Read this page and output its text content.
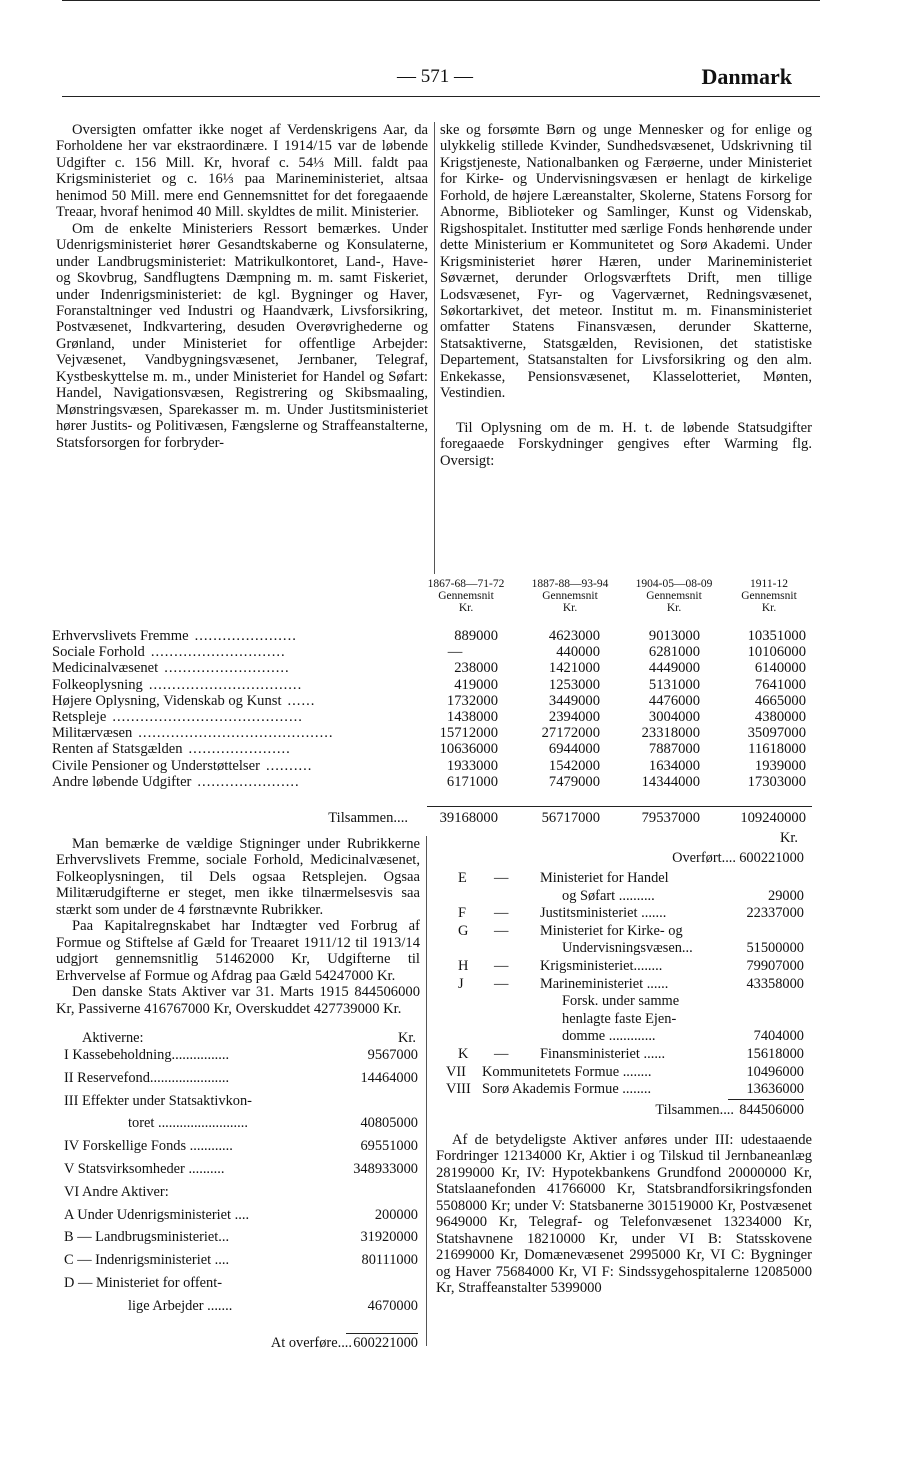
— 571 —	Danmark

Oversigten omfatter ikke noget af Verdenskrigens Aar, da Forholdene her var ekstraordinære. I 1914/15 var de løbende Udgifter c. 156 Mill. Kr, hvoraf c. 54⅓ Mill. faldt paa Krigsministeriet og c. 16⅓ paa Marineministeriet, altsaa henimod 50 Mill. mere end Gennemsnittet for det foregaaende Treaar, hvoraf henimod 40 Mill. skyldtes de milit. Ministerier.

Om de enkelte Ministeriers Ressort bemærkes. Under Udenrigsministeriet hører Gesandtskaberne og Konsulaterne, under Landbrugsministeriet: Matrikulkontoret, Land-, Have- og Skovbrug, Sandflugtens Dæmpning m. m. samt Fiskeriet, under Indenrigsministeriet: de kgl. Bygninger og Haver, Foranstaltninger ved Industri og Haandværk, Livsforsikring, Postvæsenet, Indkvartering, desuden Overøvrighederne og Grønland, under Ministeriet for offentlige Arbejder: Vejvæsenet, Vandbygningsvæsenet, Jernbaner, Telegraf, Kystbeskyttelse m. m., under Ministeriet for Handel og Søfart: Handel, Navigationsvæsen, Registrering og Skibsmaaling, Mønstringsvæsen, Sparekasser m. m. Under Justitsministeriet hører Justits- og Politivæsen, Fængslerne og Straffeanstalterne, Statsforsorgen for forbryder-

ske og forsømte Børn og unge Mennesker og for enlige og ulykkelig stillede Kvinder, Sundhedsvæsenet, Udskrivning til Krigstjeneste, Nationalbanken og Færøerne, under Ministeriet for Kirke- og Undervisningsvæsen er henlagt de kirkelige Forhold, de højere Læreanstalter, Skolerne, Statens Forsorg for Abnorme, Biblioteker og Samlinger, Kunst og Videnskab, Rigshospitalet. Institutter med særlige Fonds henhørende under dette Ministerium er Kommunitetet og Sorø Akademi. Under Krigsministeriet hører Hæren, under Marineministeriet Søværnet, derunder Orlogsværftets Drift, men tillige Lodsvæsenet, Fyr- og Vagerværnet, Redningsvæsenet, Søkortarkivet, det meteor. Institut m. m. Finansministeriet omfatter Statens Finansvæsen, derunder Skatterne, Statsaktiverne, Statsgælden, Revisionen, det statistiske Departement, Statsanstalten for Livsforsikring og den alm. Enkekasse, Pensionsvæsenet, Klasselotteriet, Mønten, Vestindien.

Til Oplysning om de m. H. t. de løbende Statsudgifter foregaaede Forskydninger gengives efter Warming flg. Oversigt:

1867-68—71-72
Gennemsnit
Kr.
1887-88—93-94
Gennemsnit
Kr.
1904-05—08-09
Gennemsnit
Kr.
1911-12
Gennemsnit
Kr.
Erhvervslivets Fremme ......................	889000	4623000	9013000	10351000
Sociale Forhold .............................	—	440000	6281000	10106000
Medicinalvæsenet ...........................	238000	1421000	4449000	6140000
Folkeoplysning .................................	419000	1253000	5131000	7641000
Højere Oplysning, Videnskab og Kunst ......	1732000	3449000	4476000	4665000
Retspleje .........................................	1438000	2394000	3004000	4380000
Militærvæsen ..........................................	15712000	27172000	23318000	35097000
Renten af Statsgælden ......................	10636000	6944000	7887000	11618000
Civile Pensioner og Understøttelser ..........	1933000	1542000	1634000	1939000
Andre løbende Udgifter ......................	6171000	7479000	14344000	17303000
Tilsammen....	39168000	56717000	79537000	109240000

Man bemærke de vældige Stigninger under Rubrikkerne Erhvervslivets Fremme, sociale Forhold, Medicinalvæsenet, Folkeoplysningen, til Dels ogsaa Retsplejen. Ogsaa Militærudgifterne er steget, men ikke tilnærmelsesvis saa stærkt som under de 4 førstnævnte Rubrikker.

Paa Kapitalregnskabet har Indtægter ved Forbrug af Formue og Stiftelse af Gæld for Treaaret 1911/12 til 1913/14 udgjort gennemsnitlig 51462000 Kr, Udgifterne til Erhvervelse af Formue og Afdrag paa Gæld 54247000 Kr.

Den danske Stats Aktiver var 31. Marts 1915 844506000 Kr, Passiverne 416767000 Kr, Overskuddet 427739000 Kr.

Aktiverne:	Kr.
I Kassebeholdning................	9567000
II Reservefond......................	14464000
III Effekter under Statsaktivkon-
toret .........................	40805000
IV Forskellige Fonds ............	69551000
V Statsvirksomheder ..........	348933000
VI Andre Aktiver:
A Under Udenrigsministeriet ....	200000
B — Landbrugsministeriet...	31920000
C — Indenrigsministeriet ....	80111000
D — Ministeriet for offent-
lige Arbejder .......	4670000
At overføre.... 600221000
Kr.
Overført.... 600221000
E — Ministeriet for Handel
og Søfart ..........	29000
F — Justitsministeriet .......	22337000
G — Ministeriet for Kirke- og
Undervisningsvæsen...	51500000
H — Krigsministeriet........	79907000
J — Marineministeriet ......	43358000
Forsk. under samme
henlagte faste Ejen-
domme .............	7404000
K — Finansministeriet ......	15618000
VII Kommunitetets Formue ........	10496000
VIII Sorø Akademis Formue ........	13636000
Tilsammen.... 844506000

Af de betydeligste Aktiver anføres under III: udestaaende Fordringer 12134000 Kr, Aktier i og Tilskud til Jernbaneanlæg 28199000 Kr, IV: Hypotekbankens Grundfond 20000000 Kr, Statslaanefonden 41766000 Kr, Statsbrandforsikringsfonden 5508000 Kr; under V: Statsbanerne 301519000 Kr, Postvæsenet 9649000 Kr, Telegraf- og Telefonvæsenet 13234000 Kr, Statshavnene 18210000 Kr, under VI B: Statsskovene 21699000 Kr, Domænevæsenet 2995000 Kr, VI C: Bygninger og Haver 75684000 Kr, VI F: Sindssygehospitalerne 12085000 Kr, Straffeanstalter 5399000
